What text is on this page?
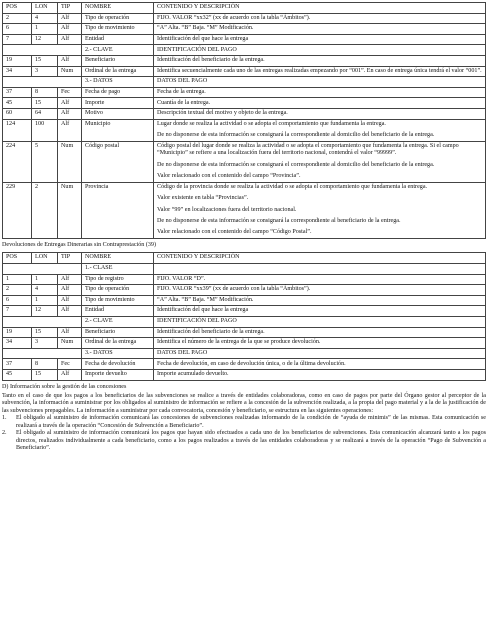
POS	LON	TIP	NOMBRE	CONTENIDO Y DESCRIPCIÓN
2	4	Alf	Tipo de operación	FIJO. VALOR “xx32” (xx de acuerdo con la tabla “Ámbitos”).

6	1	Alf	Tipo de movimiento	“A” Alta. “B” Baja. “M” Modificación.

7	12	Alf	Entidad	Identificación del que hace la entrega

			2.- CLAVE	IDENTIFICACIÓN DEL PAGO
19	15	Alf	Beneficiario	Identificación del beneficiario de la entrega.

34	3	Num	Ordinal de la entrega	Identifica secuencialmente cada uno de las entregas realizadas empezando por “001”. En caso de entrega única tendrá el valor “001”.

			3.- DATOS	DATOS DEL PAGO
37	8	Fec	Fecha de pago	Fecha de la entrega.

45	15	Alf	Importe	Cuantía de la entrega.

60	64	Alf	Motivo	Descripción textual del motivo y objeto de la entrega.

124	100	Alf	Municipio	Lugar donde se realiza la actividad o se adopta el comportamiento que fundamenta la entrega.

De no disponerse de esta información se consignará la correspondiente al domicilio del beneficiario de la entrega.

224	5	Num	Código postal	Código postal del lugar donde se realiza la actividad o se adopta el comportamiento que fundamenta la entrega. Si el campo “Municipio” se refiere a una localización fuera del territorio nacional, contendrá el valor “99999”.

De no disponerse de esta información se consignará el correspondiente al domicilio del beneficiario de la entrega.

Valor relacionado con el contenido del campo “Provincia”.

229	2	Num	Provincia	Código de la provincia donde se realiza la actividad o se adopta el comportamiento que fundamenta la entrega.

Valor existente en tabla “Provincias”.

Valor “99” en localizaciones fuera del territorio nacional.

De no disponerse de esta información se consignará la correspondiente al beneficiario de la entrega.

Valor relacionado con el contenido del campo “Código Postal”.

Devoluciones de Entregas Dinerarias sin Contraprestación (39)
POS	LON	TIP	NOMBRE	CONTENIDO Y DESCRIPCIÓN
			1.- CLASE	
1	1	Alf	Tipo de registro	FIJO. VALOR “D”.

2	4	Alf	Tipo de operación	FIJO. VALOR “xx39” (xx de acuerdo con la tabla “Ámbitos”).

6	1	Alf	Tipo de movimiento	“A” Alta. “B” Baja. “M” Modificación.

7	12	Alf	Entidad	Identificación del que hace la entrega

			2.- CLAVE	IDENTIFICACIÓN DEL PAGO
19	15	Alf	Beneficiario	Identificación del beneficiario de la entrega.

34	3	Num	Ordinal de la entrega	Identifica el número de la entrega de la que se produce devolución.

			3.- DATOS	DATOS DEL PAGO
37	8	Fec	Fecha de devolución	Fecha de devolución, en caso de devolución única, o de la última devolución.

45	15	Alf	Importe devuelto	Importe acumulado devuelto.

D) Información sobre la gestión de las concesiones

Tanto en el caso de que los pagos a los beneficiarios de las subvenciones se realice a través de entidades colaboradoras, como en caso de pagos por parte del Órgano gestor al perceptor de la subvención, la información a suministrar por los obligados al suministro de información se refiere a la concesión de la subvención realizada, a la propia del pago material y a la de la justificación de las subvenciones prepagables. La información a suministrar por cada convocatoria, concesión y beneficiario, se estructura en las siguientes operaciones:

1.	El obligado al suministro de información comunicará las concesiones de subvenciones realizadas informando de la condición de “ayuda de minimis” de las mismas. Esta comunicación se realizará a través de la operación “Concesión de Subvención a Beneficiario”.
2.	El obligado al suministro de información comunicará los pagos que hayan sido efectuados a cada uno de los beneficiarios de subvenciones. Esta comunicación alcanzará tanto a los pagos directos, realizados individualmente a cada beneficiario, como a los pagos realizados a través de las entidades colaboradoras y se realizará a través de la operación “Pago de Subvención a Beneficiario”.
